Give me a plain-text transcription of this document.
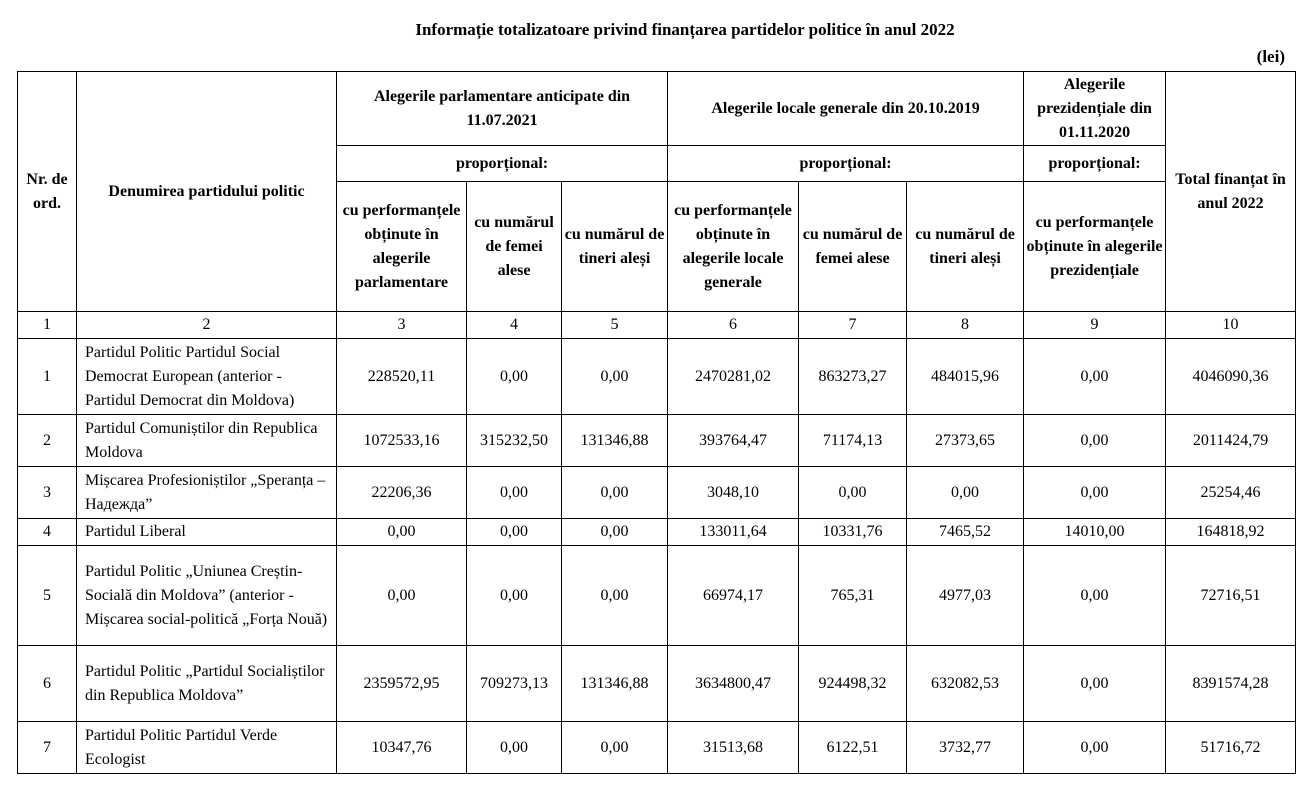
Informație totalizatoare privind finanțarea partidelor politice în anul 2022
(lei)
Nr. de ord.	Denumirea partidului politic	Alegerile parlamentare anticipate din 11.07.2021			Alegerile locale generale din 20.10.2019			Alegerile prezidențiale din 01.11.2020	Total finanțat în anul 2022
		proporțional:			proporțional:			proporțional:	
		cu performanțele obținute în alegerile parlamentare	cu numărul de femei alese	cu numărul de tineri aleși	cu performanțele obținute în alegerile locale generale	cu numărul de femei alese	cu numărul de tineri aleși	cu performanțele obținute în alegerile prezidențiale	
1	2	3	4	5	6	7	8	9	10
1	Partidul Politic Partidul Social Democrat European (anterior - Partidul Democrat din Moldova)	228520,11	0,00	0,00	2470281,02	863273,27	484015,96	0,00	4046090,36
2	Partidul Comuniștilor din Republica Moldova	1072533,16	315232,50	131346,88	393764,47	71174,13	27373,65	0,00	2011424,79
3	Mișcarea Profesioniștilor „Speranța – Надежда”	22206,36	0,00	0,00	3048,10	0,00	0,00	0,00	25254,46
4	Partidul Liberal	0,00	0,00	0,00	133011,64	10331,76	7465,52	14010,00	164818,92
5	Partidul Politic „Uniunea Creștin-Socială din Moldova” (anterior - Mișcarea social-politică „Forța Nouă)	0,00	0,00	0,00	66974,17	765,31	4977,03	0,00	72716,51
6	Partidul Politic „Partidul Socialiștilor din Republica Moldova”	2359572,95	709273,13	131346,88	3634800,47	924498,32	632082,53	0,00	8391574,28
7	Partidul Politic Partidul Verde Ecologist	10347,76	0,00	0,00	31513,68	6122,51	3732,77	0,00	51716,72
